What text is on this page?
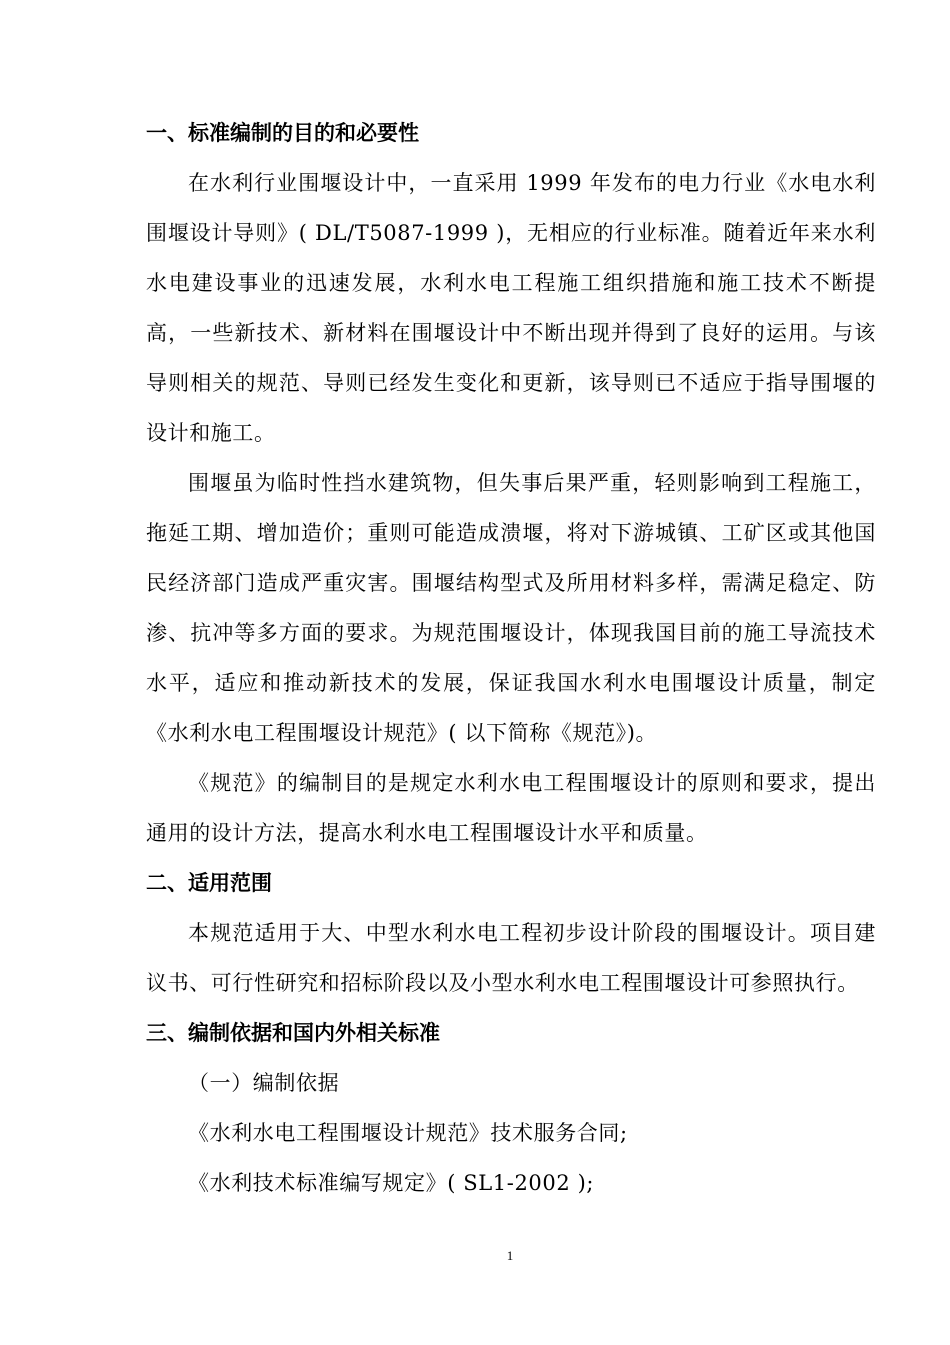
一、标准编制的目的和必要性

在水利行业围堰设计中，一直采用 1999 年发布的电力行业《水电水利围堰设计导则》( DL/T5087-1999 )，无相应的行业标准。随着近年来水利水电建设事业的迅速发展，水利水电工程施工组织措施和施工技术不断提高，一些新技术、新材料在围堰设计中不断出现并得到了良好的运用。与该导则相关的规范、导则已经发生变化和更新，该导则已不适应于指导围堰的设计和施工。

围堰虽为临时性挡水建筑物，但失事后果严重，轻则影响到工程施工，拖延工期、增加造价；重则可能造成溃堰，将对下游城镇、工矿区或其他国民经济部门造成严重灾害。围堰结构型式及所用材料多样，需满足稳定、防渗、抗冲等多方面的要求。为规范围堰设计，体现我国目前的施工导流技术水平，适应和推动新技术的发展，保证我国水利水电围堰设计质量，制定《水利水电工程围堰设计规范》( 以下简称《规范》)。

《规范》的编制目的是规定水利水电工程围堰设计的原则和要求，提出通用的设计方法，提高水利水电工程围堰设计水平和质量。

二、适用范围

本规范适用于大、中型水利水电工程初步设计阶段的围堰设计。项目建议书、可行性研究和招标阶段以及小型水利水电工程围堰设计可参照执行。

三、编制依据和国内外相关标准

（一）编制依据

《水利水电工程围堰设计规范》技术服务合同;

《水利技术标准编写规定》( SL1-2002 );

1
